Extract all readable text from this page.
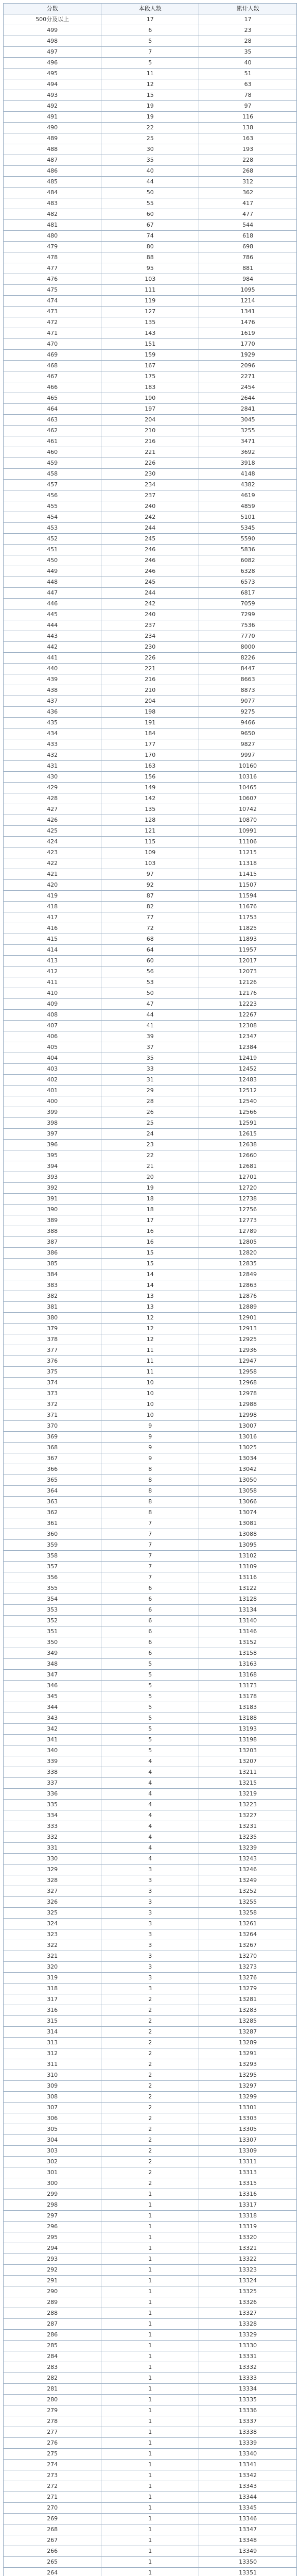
分数	本段人数	累计人数
500分及以上	17	17
499	6	23
498	5	28
497	7	35
496	5	40
495	11	51
494	12	63
493	15	78
492	19	97
491	19	116
490	22	138
489	25	163
488	30	193
487	35	228
486	40	268
485	44	312
484	50	362
483	55	417
482	60	477
481	67	544
480	74	618
479	80	698
478	88	786
477	95	881
476	103	984
475	111	1095
474	119	1214
473	127	1341
472	135	1476
471	143	1619
470	151	1770
469	159	1929
468	167	2096
467	175	2271
466	183	2454
465	190	2644
464	197	2841
463	204	3045
462	210	3255
461	216	3471
460	221	3692
459	226	3918
458	230	4148
457	234	4382
456	237	4619
455	240	4859
454	242	5101
453	244	5345
452	245	5590
451	246	5836
450	246	6082
449	246	6328
448	245	6573
447	244	6817
446	242	7059
445	240	7299
444	237	7536
443	234	7770
442	230	8000
441	226	8226
440	221	8447
439	216	8663
438	210	8873
437	204	9077
436	198	9275
435	191	9466
434	184	9650
433	177	9827
432	170	9997
431	163	10160
430	156	10316
429	149	10465
428	142	10607
427	135	10742
426	128	10870
425	121	10991
424	115	11106
423	109	11215
422	103	11318
421	97	11415
420	92	11507
419	87	11594
418	82	11676
417	77	11753
416	72	11825
415	68	11893
414	64	11957
413	60	12017
412	56	12073
411	53	12126
410	50	12176
409	47	12223
408	44	12267
407	41	12308
406	39	12347
405	37	12384
404	35	12419
403	33	12452
402	31	12483
401	29	12512
400	28	12540
399	26	12566
398	25	12591
397	24	12615
396	23	12638
395	22	12660
394	21	12681
393	20	12701
392	19	12720
391	18	12738
390	18	12756
389	17	12773
388	16	12789
387	16	12805
386	15	12820
385	15	12835
384	14	12849
383	14	12863
382	13	12876
381	13	12889
380	12	12901
379	12	12913
378	12	12925
377	11	12936
376	11	12947
375	11	12958
374	10	12968
373	10	12978
372	10	12988
371	10	12998
370	9	13007
369	9	13016
368	9	13025
367	9	13034
366	8	13042
365	8	13050
364	8	13058
363	8	13066
362	8	13074
361	7	13081
360	7	13088
359	7	13095
358	7	13102
357	7	13109
356	7	13116
355	6	13122
354	6	13128
353	6	13134
352	6	13140
351	6	13146
350	6	13152
349	6	13158
348	5	13163
347	5	13168
346	5	13173
345	5	13178
344	5	13183
343	5	13188
342	5	13193
341	5	13198
340	5	13203
339	4	13207
338	4	13211
337	4	13215
336	4	13219
335	4	13223
334	4	13227
333	4	13231
332	4	13235
331	4	13239
330	4	13243
329	3	13246
328	3	13249
327	3	13252
326	3	13255
325	3	13258
324	3	13261
323	3	13264
322	3	13267
321	3	13270
320	3	13273
319	3	13276
318	3	13279
317	2	13281
316	2	13283
315	2	13285
314	2	13287
313	2	13289
312	2	13291
311	2	13293
310	2	13295
309	2	13297
308	2	13299
307	2	13301
306	2	13303
305	2	13305
304	2	13307
303	2	13309
302	2	13311
301	2	13313
300	2	13315
299	1	13316
298	1	13317
297	1	13318
296	1	13319
295	1	13320
294	1	13321
293	1	13322
292	1	13323
291	1	13324
290	1	13325
289	1	13326
288	1	13327
287	1	13328
286	1	13329
285	1	13330
284	1	13331
283	1	13332
282	1	13333
281	1	13334
280	1	13335
279	1	13336
278	1	13337
277	1	13338
276	1	13339
275	1	13340
274	1	13341
273	1	13342
272	1	13343
271	1	13344
270	1	13345
269	1	13346
268	1	13347
267	1	13348
266	1	13349
265	1	13350
264	1	13351
